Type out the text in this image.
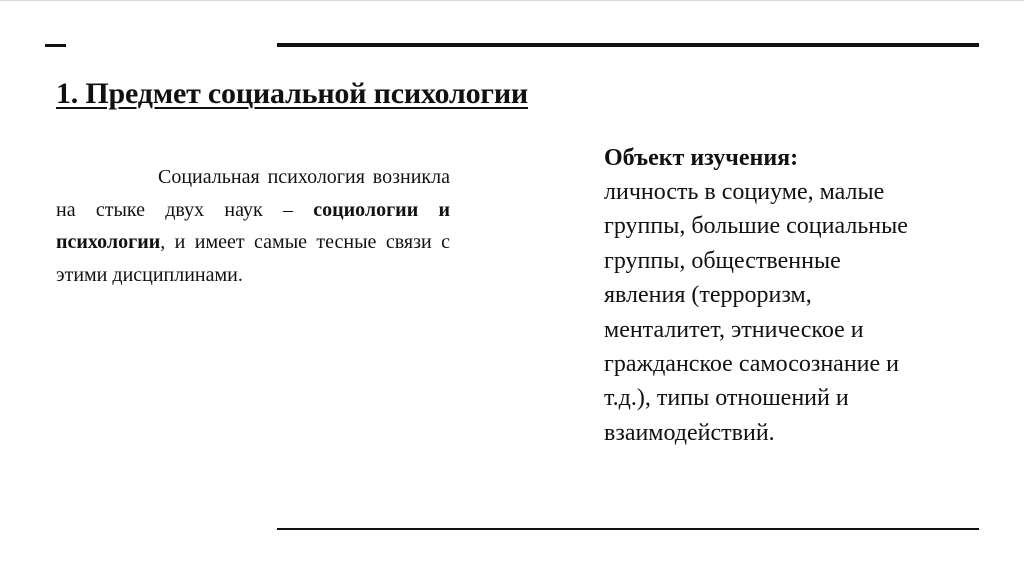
1. Предмет социальной психологии

Социальная психология возникла на стыке двух наук – социологии и психологии, и имеет самые тесные связи с этими дисциплинами.

Объект изучения:

личность в социуме, малые
группы, большие социальные
группы, общественные
явления (терроризм,
менталитет, этническое и
гражданское самосознание и
т.д.), типы отношений и
взаимодействий.
